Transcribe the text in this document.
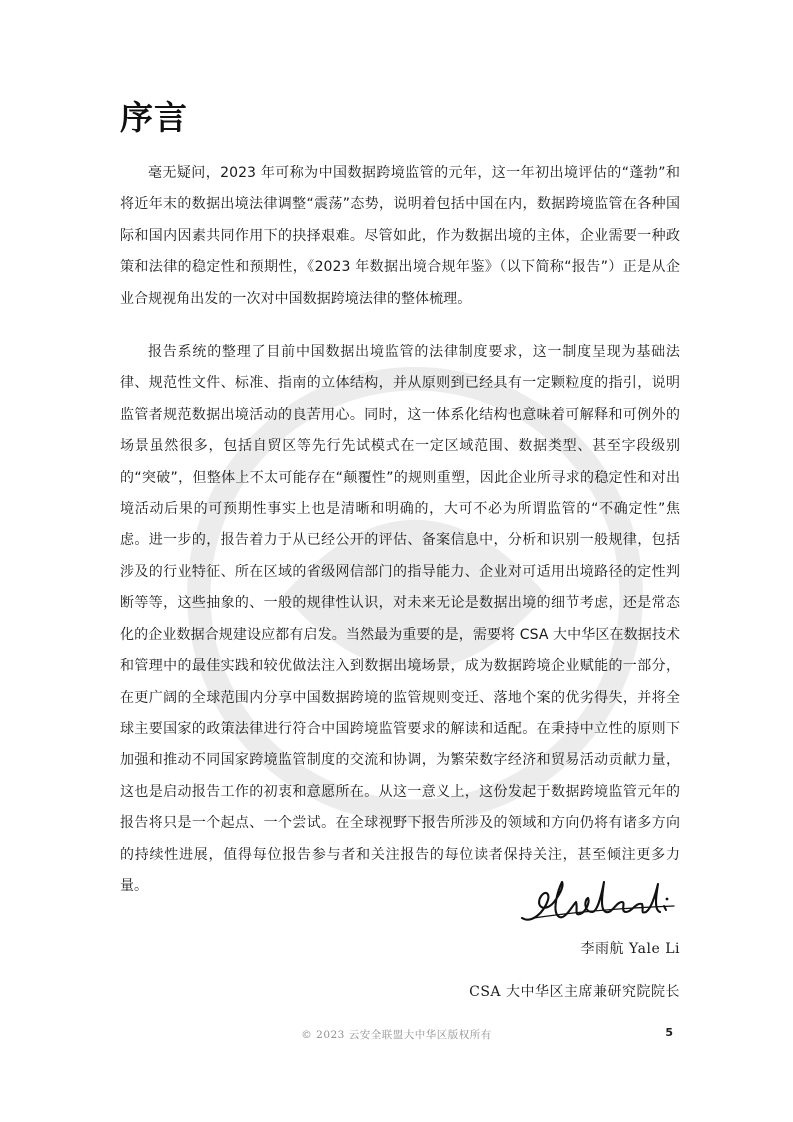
序言

毫无疑问，2023 年可称为中国数据跨境监管的元年，这一年初出境评估的“蓬勃”和将近年末的数据出境法律调整“震荡”态势，说明着包括中国在内，数据跨境监管在各种国际和国内因素共同作用下的抉择艰难。尽管如此，作为数据出境的主体，企业需要一种政策和法律的稳定性和预期性，《2023 年数据出境合规年鉴》（以下简称“报告”）正是从企业合规视角出发的一次对中国数据跨境法律的整体梳理。

报告系统的整理了目前中国数据出境监管的法律制度要求，这一制度呈现为基础法律、规范性文件、标准、指南的立体结构，并从原则到已经具有一定颗粒度的指引，说明监管者规范数据出境活动的良苦用心。同时，这一体系化结构也意味着可解释和可例外的场景虽然很多，包括自贸区等先行先试模式在一定区域范围、数据类型、甚至字段级别的“突破”，但整体上不太可能存在“颠覆性”的规则重塑，因此企业所寻求的稳定性和对出境活动后果的可预期性事实上也是清晰和明确的，大可不必为所谓监管的“不确定性”焦虑。进一步的，报告着力于从已经公开的评估、备案信息中，分析和识别一般规律，包括涉及的行业特征、所在区域的省级网信部门的指导能力、企业对可适用出境路径的定性判断等等，这些抽象的、一般的规律性认识，对未来无论是数据出境的细节考虑，还是常态化的企业数据合规建设应都有启发。当然最为重要的是，需要将 CSA 大中华区在数据技术和管理中的最佳实践和较优做法注入到数据出境场景，成为数据跨境企业赋能的一部分，在更广阔的全球范围内分享中国数据跨境的监管规则变迁、落地个案的优劣得失，并将全球主要国家的政策法律进行符合中国跨境监管要求的解读和适配。在秉持中立性的原则下加强和推动不同国家跨境监管制度的交流和协调，为繁荣数字经济和贸易活动贡献力量，这也是启动报告工作的初衷和意愿所在。从这一意义上，这份发起于数据跨境监管元年的报告将只是一个起点、一个尝试。在全球视野下报告所涉及的领域和方向仍将有诸多方向的持续性进展，值得每位报告参与者和关注报告的每位读者保持关注，甚至倾注更多力量。

李雨航 Yale Li
CSA 大中华区主席兼研究院院长
© 2023 云安全联盟大中华区版权所有	5
